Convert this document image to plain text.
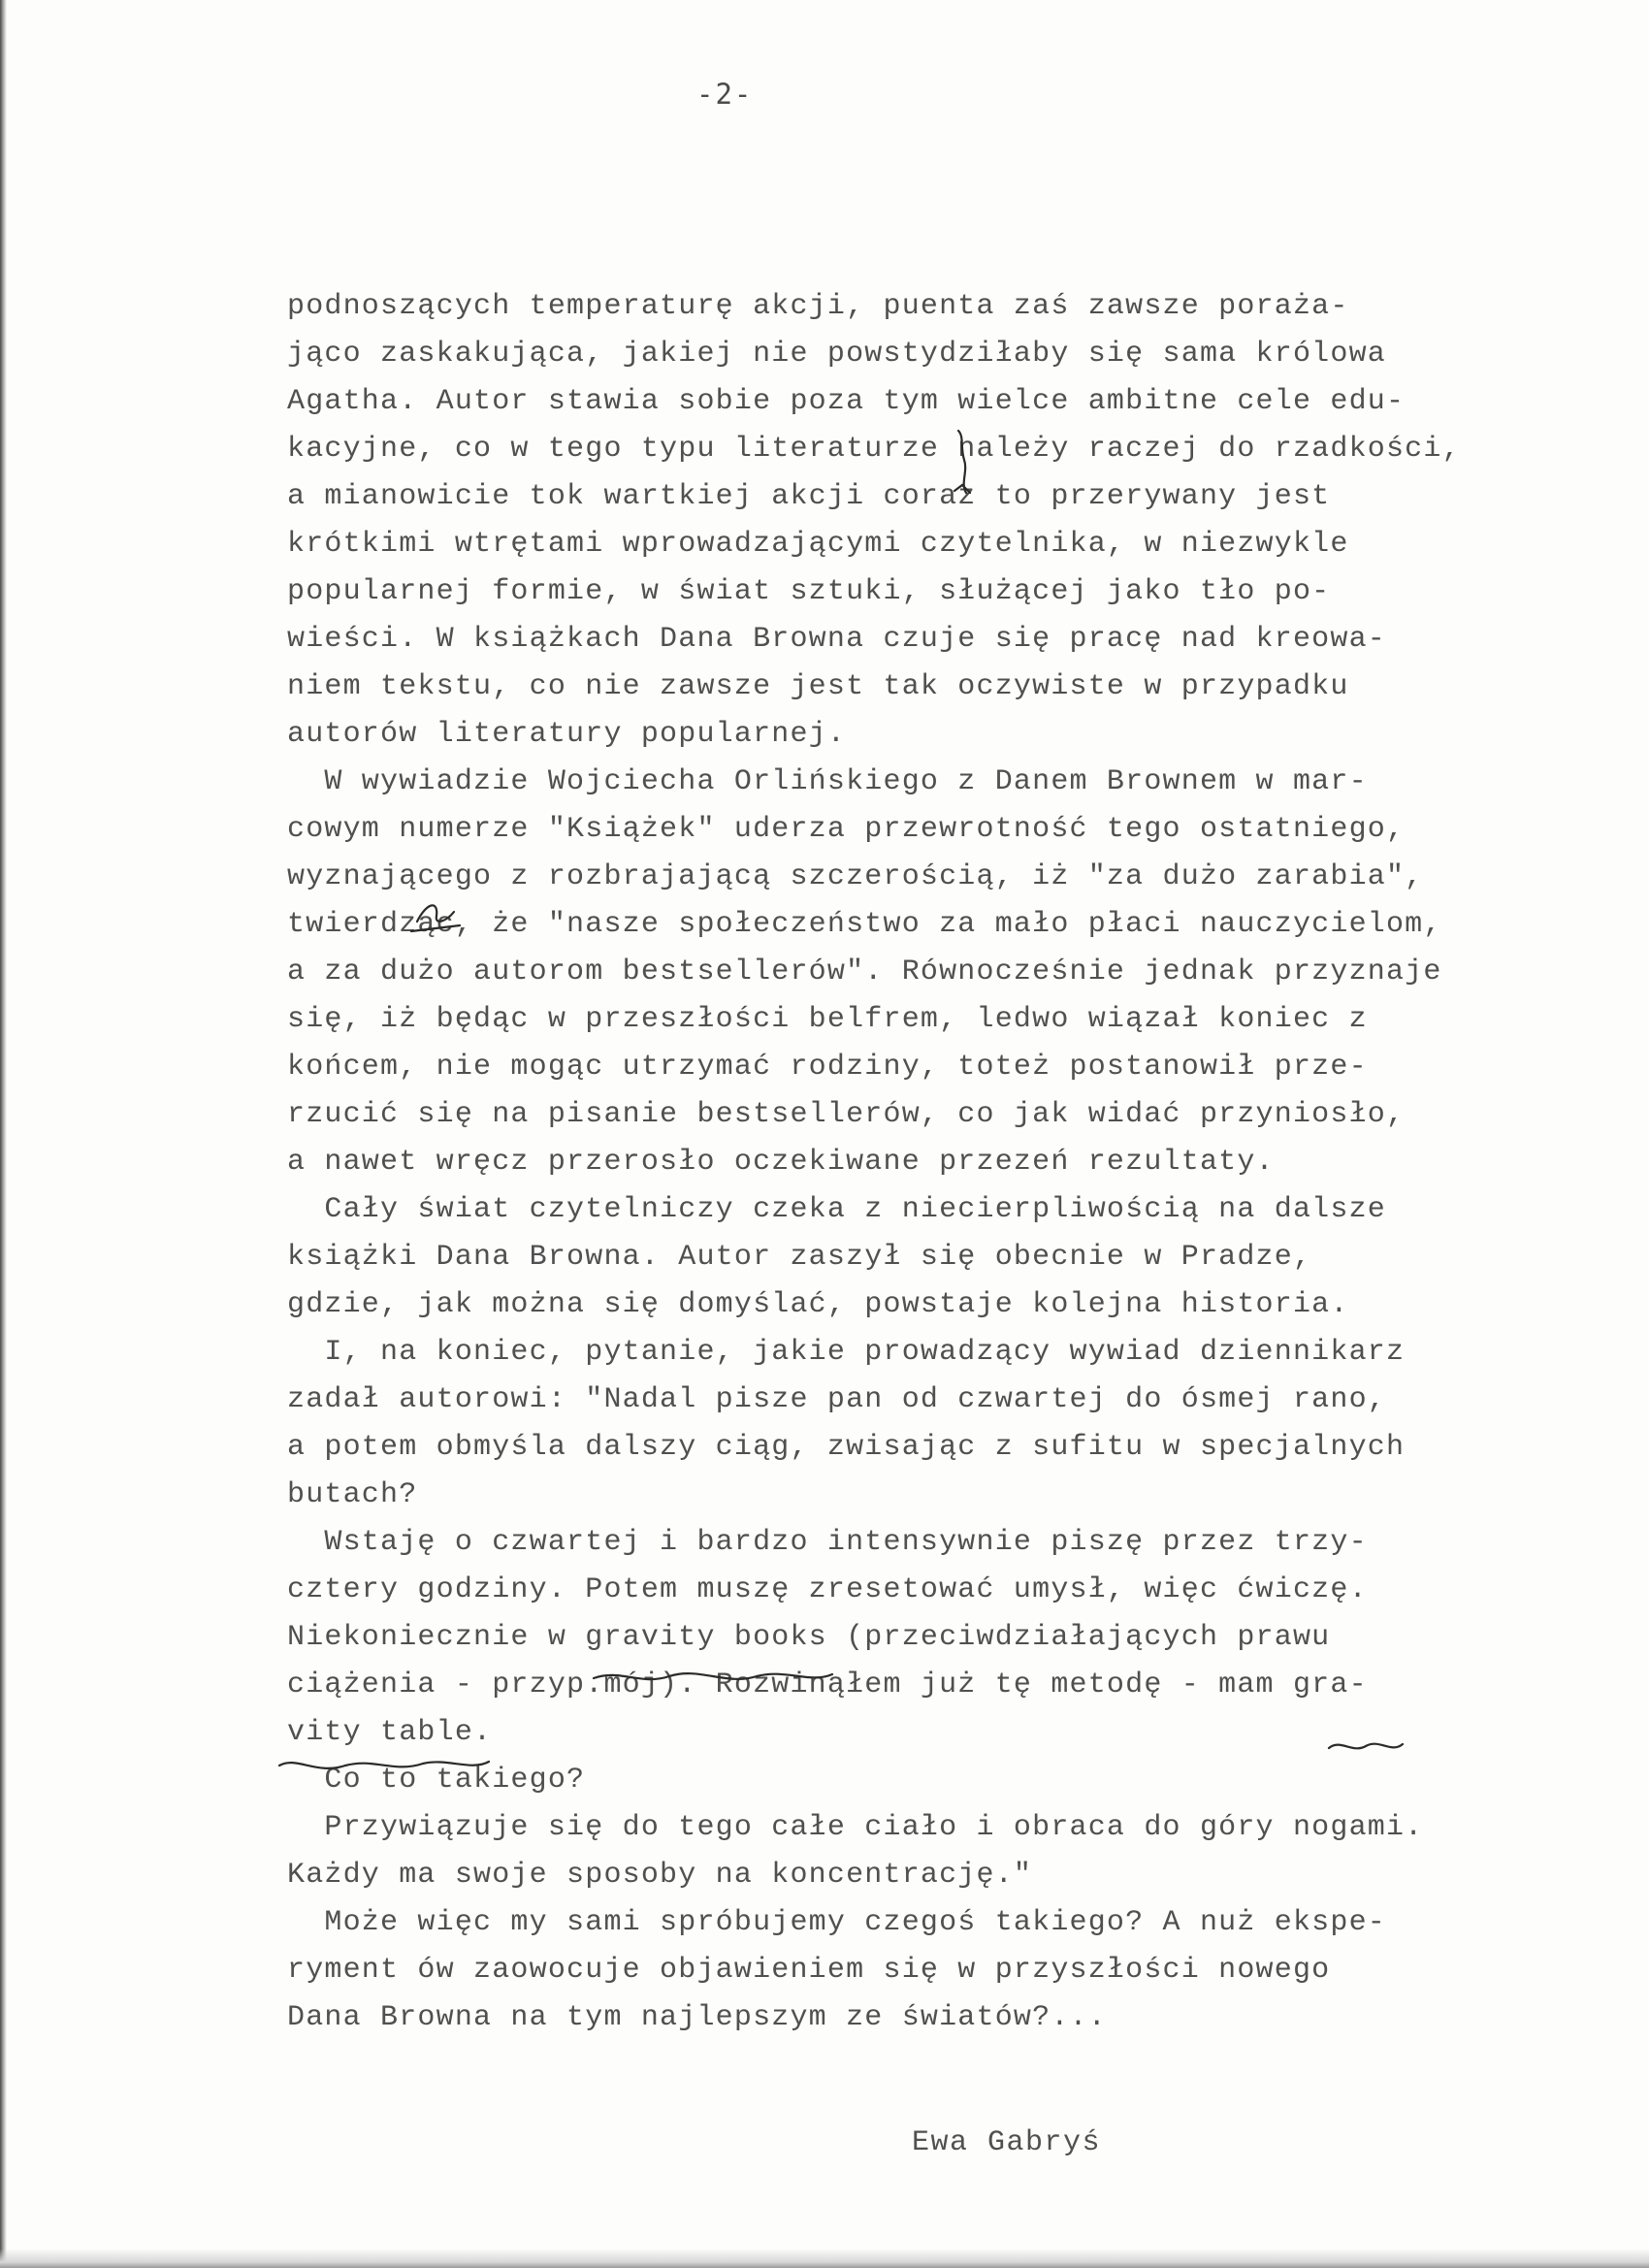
-2-
podnoszących temperaturę akcji, puenta zaś zawsze poraża-
jąco zaskakująca, jakiej nie powstydziłaby się sama królowa
Agatha. Autor stawia sobie poza tym wielce ambitne cele edu-
kacyjne, co w tego typu literaturze należy raczej do rzadkości,
a mianowicie tok wartkiej akcji coraz to przerywany jest
krótkimi wtrętami wprowadzającymi czytelnika, w niezwykle
popularnej formie, w świat sztuki, służącej jako tło po-
wieści. W książkach Dana Browna czuje się pracę nad kreowa-
niem tekstu, co nie zawsze jest tak oczywiste w przypadku
autorów literatury popularnej.
W wywiadzie Wojciecha Orlińskiego z Danem Brownem w mar-
cowym numerze "Książek" uderza przewrotność tego ostatniego,
wyznającego z rozbrajającą szczerością, iż "za dużo zarabia",
twierdząc, że "nasze społeczeństwo za mało płaci nauczycielom,
a za dużo autorom bestsellerów". Równocześnie jednak przyznaje
się, iż będąc w przeszłości belfrem, ledwo wiązał koniec z
końcem, nie mogąc utrzymać rodziny, toteż postanowił prze-
rzucić się na pisanie bestsellerów, co jak widać przyniosło,
a nawet wręcz przerosło oczekiwane przezeń rezultaty.
Cały świat czytelniczy czeka z niecierpliwością na dalsze
książki Dana Browna. Autor zaszył się obecnie w Pradze,
gdzie, jak można się domyślać, powstaje kolejna historia.
I, na koniec, pytanie, jakie prowadzący wywiad dziennikarz
zadał autorowi: "Nadal pisze pan od czwartej do ósmej rano,
a potem obmyśla dalszy ciąg, zwisając z sufitu w specjalnych
butach?
Wstaję o czwartej i bardzo intensywnie piszę przez trzy-
cztery godziny. Potem muszę zresetować umysł, więc ćwiczę.
Niekoniecznie w gravity books (przeciwdziałających prawu
ciążenia - przyp.mój). Rozwinąłem już tę metodę - mam gra-
vity table.
Co to takiego?
Przywiązuje się do tego całe ciało i obraca do góry nogami.
Każdy ma swoje sposoby na koncentrację."
Może więc my sami spróbujemy czegoś takiego? A nuż ekspe-
ryment ów zaowocuje objawieniem się w przyszłości nowego
Dana Browna na tym najlepszym ze światów?...
Ewa Gabryś
